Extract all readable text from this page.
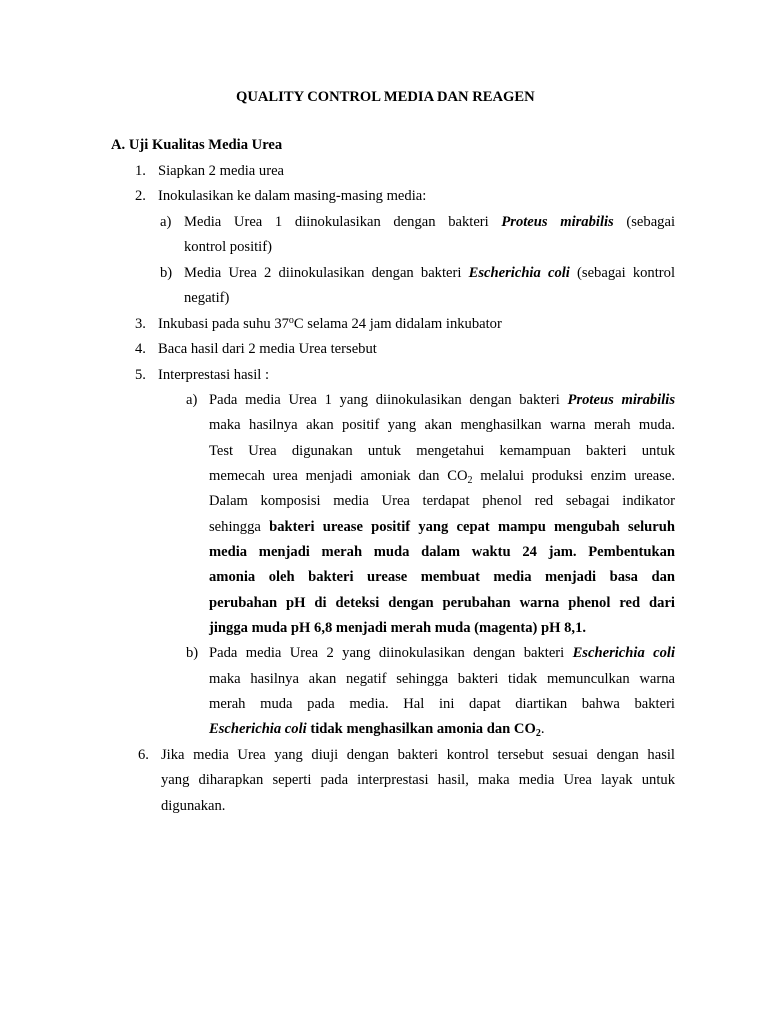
QUALITY CONTROL MEDIA DAN REAGEN
A. Uji Kualitas Media Urea
1. Siapkan 2 media urea
2. Inokulasikan ke dalam masing-masing media:
a) Media Urea 1 diinokulasikan dengan bakteri Proteus mirabilis (sebagai
kontrol positif)
b) Media Urea 2 diinokulasikan dengan bakteri Escherichia coli (sebagai kontrol
negatif)
3. Inkubasi pada suhu 37$^o$C selama 24 jam didalam inkubator
4. Baca hasil dari 2 media Urea tersebut
5. Interprestasi hasil :
a) Pada media Urea 1 yang diinokulasikan dengan bakteri Proteus mirabilis
maka hasilnya akan positif yang akan menghasilkan warna merah muda.
Test Urea digunakan untuk mengetahui kemampuan bakteri untuk
memecah urea menjadi amoniak dan $CO_2$ melalui produksi enzim urease.
Dalam komposisi media Urea terdapat phenol red sebagai indikator
sehingga bakteri urease positif yang cepat mampu mengubah seluruh
media menjadi merah muda dalam waktu 24 jam. Pembentukan
amonia oleh bakteri urease membuat media menjadi basa dan
perubahan pH di deteksi dengan perubahan warna phenol red dari
jingga muda pH 6,8 menjadi merah muda (magenta) pH 8,1.
b) Pada media Urea 2 yang diinokulasikan dengan bakteri Escherichia coli
maka hasilnya akan negatif sehingga bakteri tidak memunculkan warna
merah muda pada media. Hal ini dapat diartikan bahwa bakteri
Escherichia coli tidak menghasilkan amonia dan $CO_2$.
6. Jika media Urea yang diuji dengan bakteri kontrol tersebut sesuai dengan hasil
yang diharapkan seperti pada interprestasi hasil, maka media Urea layak untuk
digunakan.
